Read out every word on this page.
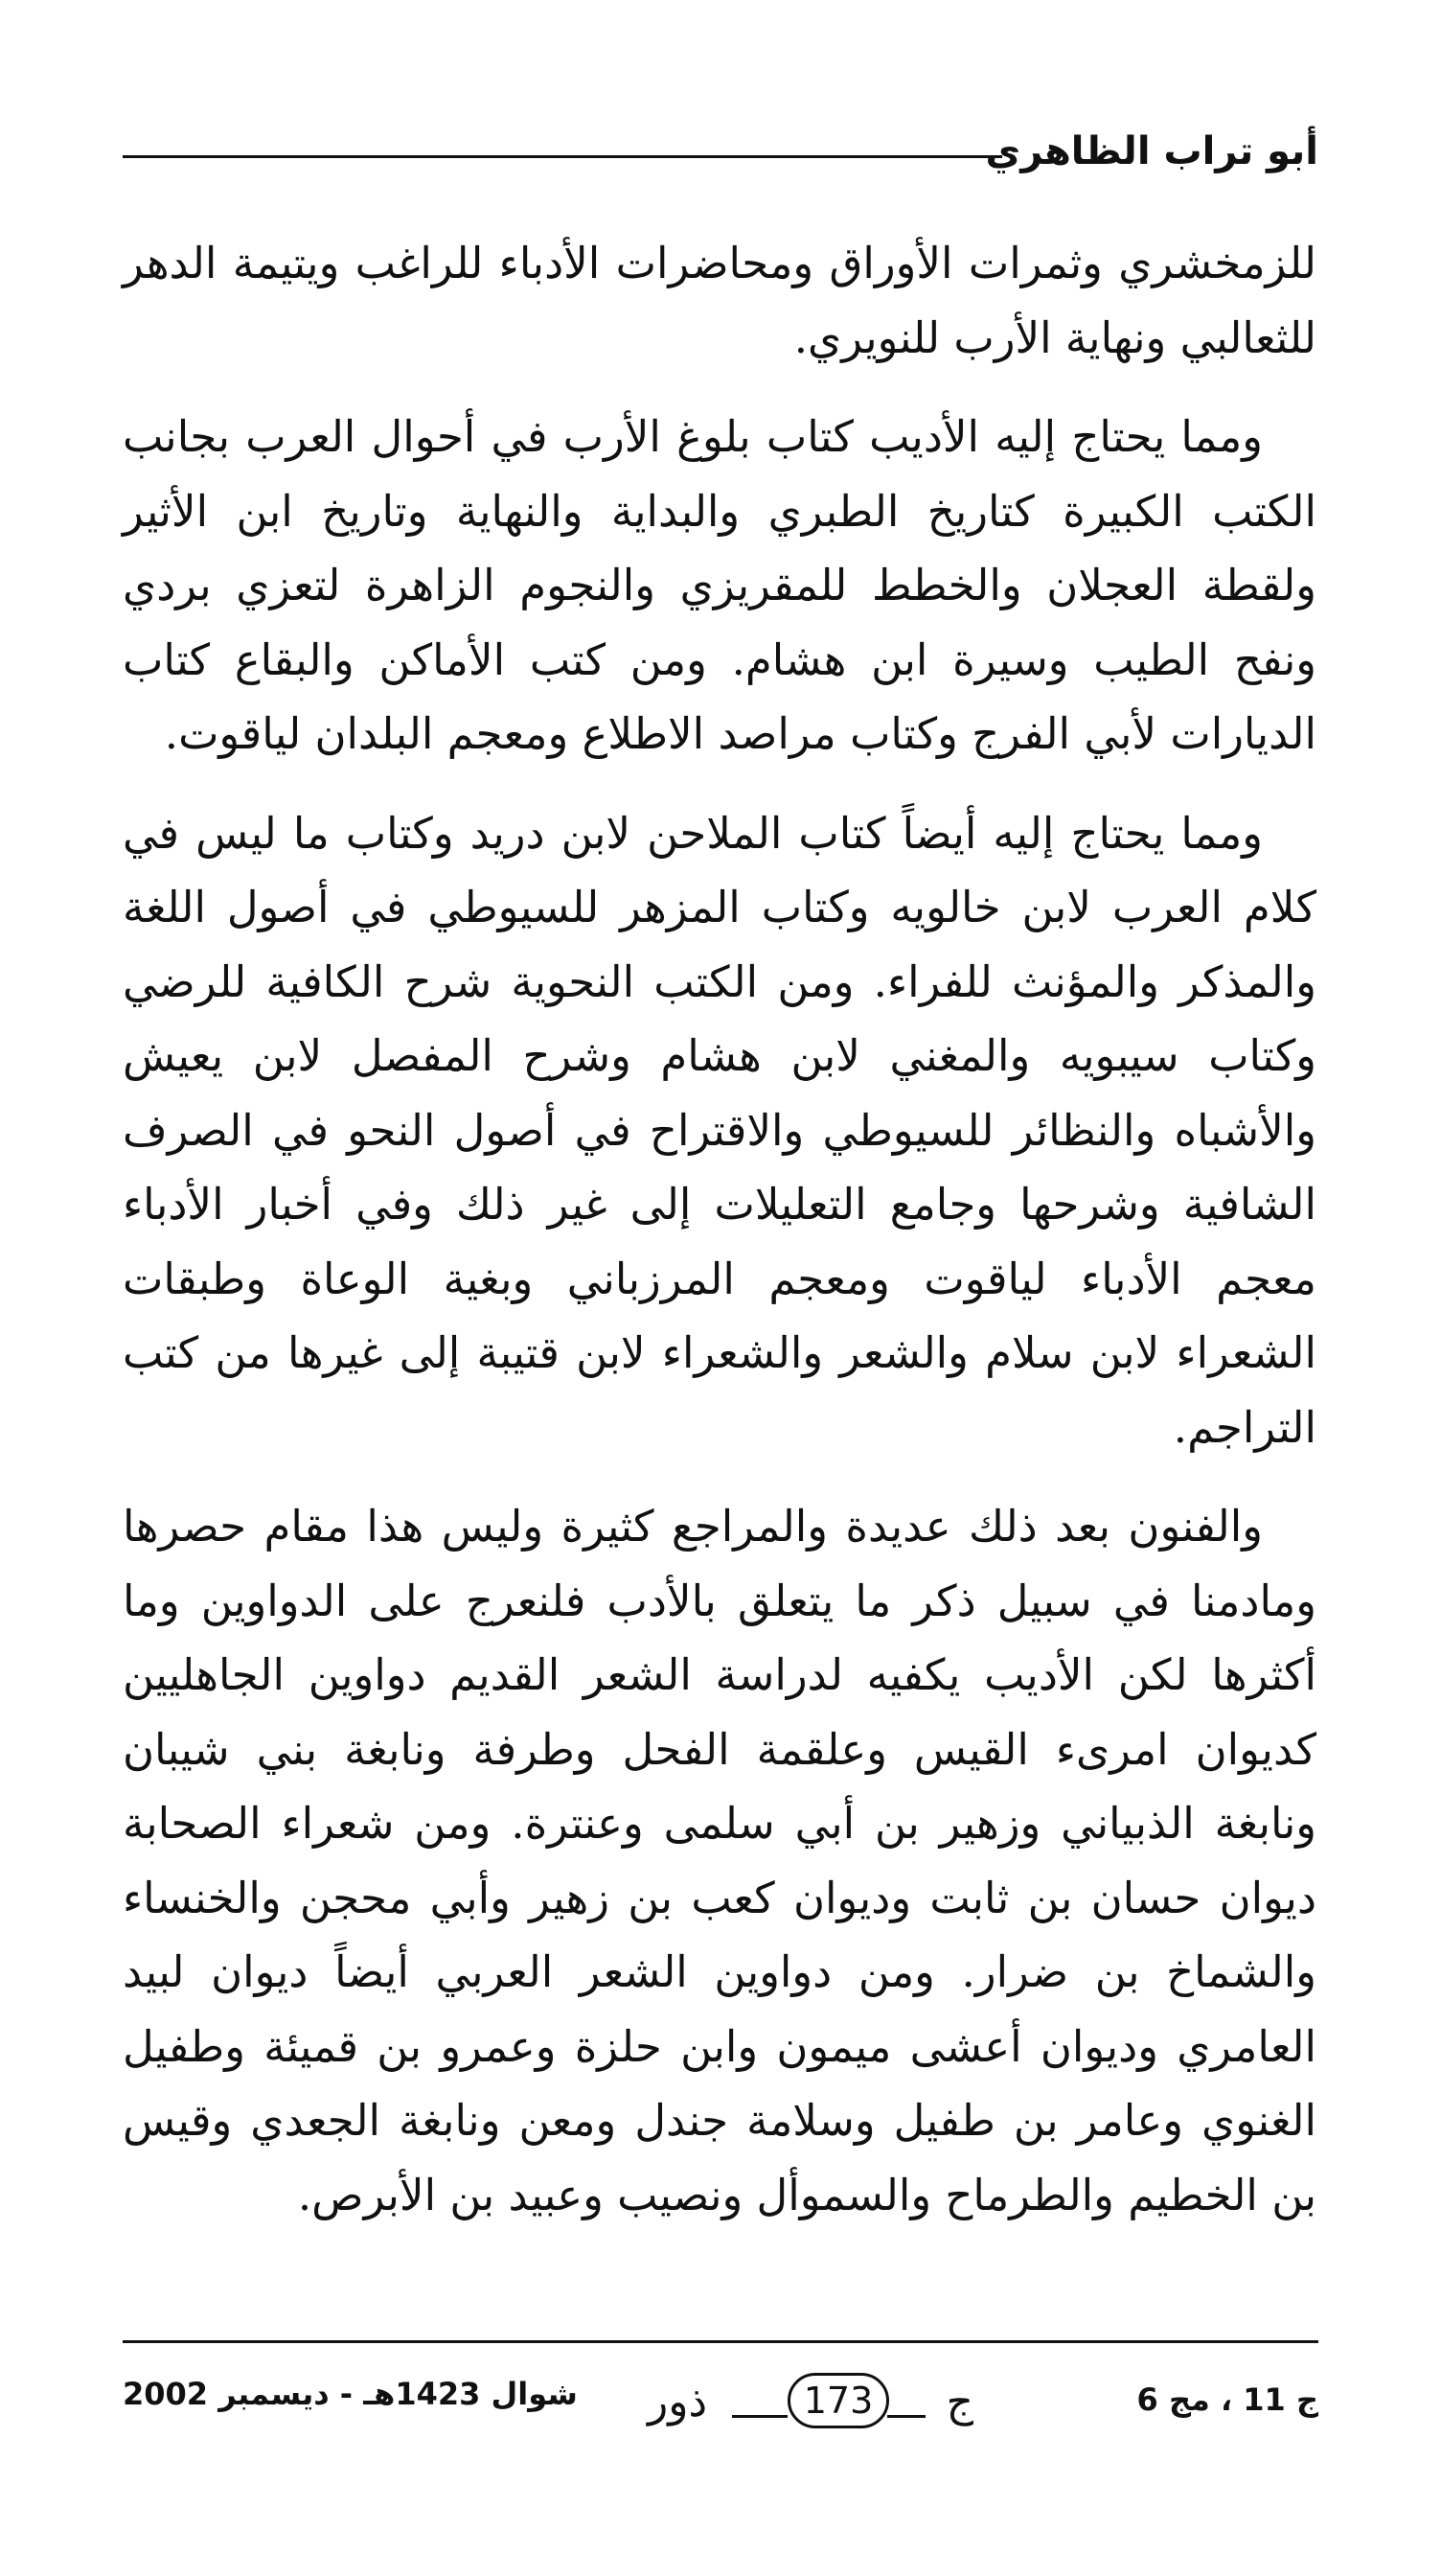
أبو تراب الظاهري

للزمخشري وثمرات الأوراق ومحاضرات الأدباء للراغب ويتيمة الدهر للثعالبي ونهاية الأرب للنويري.

ومما يحتاج إليه الأديب كتاب بلوغ الأرب في أحوال العرب بجانب الكتب الكبيرة كتاريخ الطبري والبداية والنهاية وتاريخ ابن الأثير ولقطة العجلان والخطط للمقريزي والنجوم الزاهرة لتعزي بردي ونفح الطيب وسيرة ابن هشام. ومن كتب الأماكن والبقاع كتاب الديارات لأبي الفرج وكتاب مراصد الاطلاع ومعجم البلدان لياقوت.

ومما يحتاج إليه أيضاً كتاب الملاحن لابن دريد وكتاب ما ليس في كلام العرب لابن خالويه وكتاب المزهر للسيوطي في أصول اللغة والمذكر والمؤنث للفراء. ومن الكتب النحوية شرح الكافية للرضي وكتاب سيبويه والمغني لابن هشام وشرح المفصل لابن يعيش والأشباه والنظائر للسيوطي والاقتراح في أصول النحو في الصرف الشافية وشرحها وجامع التعليلات إلى غير ذلك وفي أخبار الأدباء معجم الأدباء لياقوت ومعجم المرزباني وبغية الوعاة وطبقات الشعراء لابن سلام والشعر والشعراء لابن قتيبة إلى غيرها من كتب التراجم.

والفنون بعد ذلك عديدة والمراجع كثيرة وليس هذا مقام حصرها ومادمنا في سبيل ذكر ما يتعلق بالأدب فلنعرج على الدواوين وما أكثرها لكن الأديب يكفيه لدراسة الشعر القديم دواوين الجاهليين كديوان امرىء القيس وعلقمة الفحل وطرفة ونابغة بني شيبان ونابغة الذبياني وزهير بن أبي سلمى وعنترة. ومن شعراء الصحابة ديوان حسان بن ثابت وديوان كعب بن زهير وأبي محجن والخنساء والشماخ بن ضرار. ومن دواوين الشعر العربي أيضاً ديوان لبيد العامري وديوان أعشى ميمون وابن حلزة وعمرو بن قميئة وطفيل الغنوي وعامر بن طفيل وسلامة جندل ومعن ونابغة الجعدي وقيس بن الخطيم والطرماح والسموأل ونصيب وعبيد بن الأبرص.

ج 11 ، مج 6
ذور	173	ج
شوال 1423هـ - ديسمبر 2002
